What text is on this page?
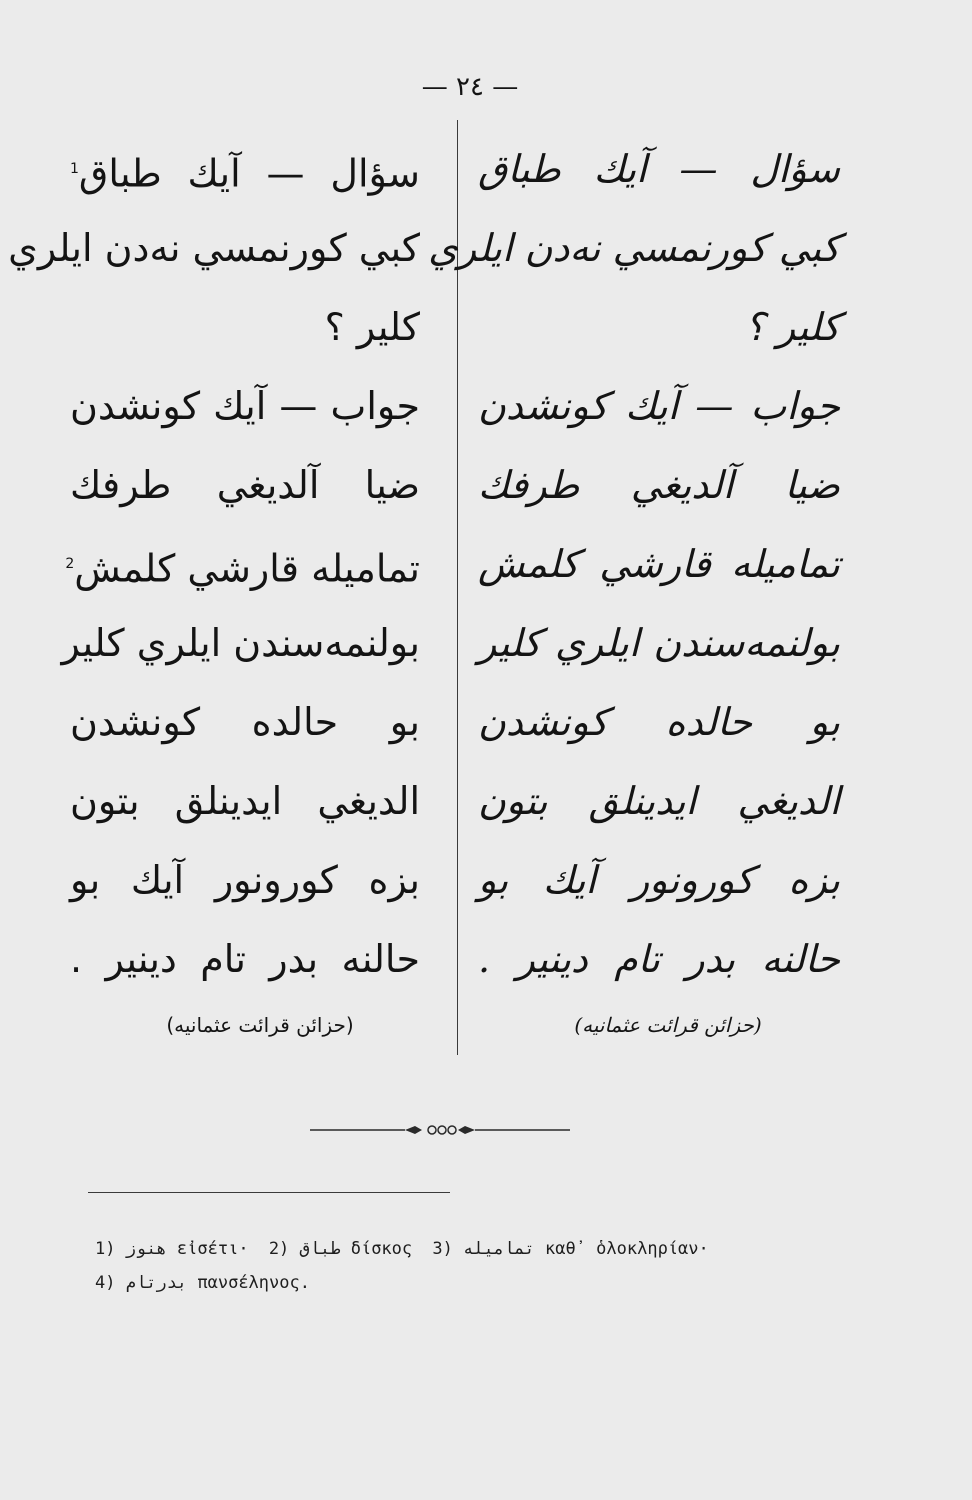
— ٢٤ —
سؤال — آيك طباق$^1$
كبي كورنمسي نه‌دن ايلري
كلير ؟
جواب — آيك كونشدن
ضيا آلديغي طرفك
تماميله قارشي كلمش$^2$
بولنمه‌سندن ايلري كلير
بو حالده كونشدن
الديغي ايدينلق بتون
بزه كورونور آيك بو
حالنه بدر تام دينير .
(حزائن قرائت عثمانيه)
سؤال — آيك طباق
كبي كورنمسي نه‌دن ايلري
كلير ؟
جواب — آيك كونشدن
ضيا آلديغي طرفك
تماميله قارشي كلمش
بولنمه‌سندن ايلري كلير
بو حالده كونشدن
الديغي ايدينلق بتون
بزه كورونور آيك بو
حالنه بدر تام دينير .
(حزائن قرائت عثمانيه)
1) هنوز εἰσέτι· 2) طباق δίσκος 3) تماميله καθ᾽ ὁλοκληρίαν·
4) بدرتام πανσέληνος.
